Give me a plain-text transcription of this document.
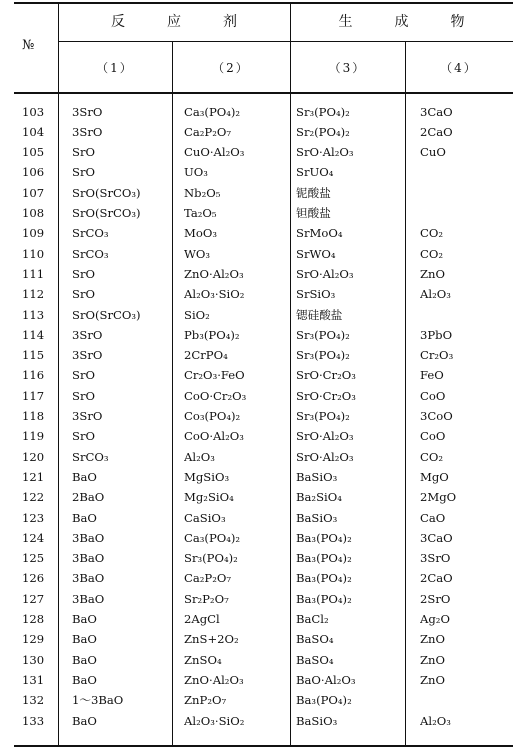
№
反　　　应　　　剂	生　　　成　　　物
（1）	（2）	（3）	（4）
103	3SrO	Ca₃(PO₄)₂	Sr₃(PO₄)₂	3CaO
104	3SrO	Ca₂P₂O₇	Sr₂(PO₄)₂	2CaO
105	SrO	CuO·Al₂O₃	SrO·Al₂O₃	CuO
106	SrO	UO₃	SrUO₄
107	SrO(SrCO₃)	Nb₂O₅	铌酸盐
108	SrO(SrCO₃)	Ta₂O₅	钽酸盐
109	SrCO₃	MoO₃	SrMoO₄	CO₂
110	SrCO₃	WO₃	SrWO₄	CO₂
111	SrO	ZnO·Al₂O₃	SrO·Al₂O₃	ZnO
112	SrO	Al₂O₃·SiO₂	SrSiO₃	Al₂O₃
113	SrO(SrCO₃)	SiO₂	锶硅酸盐
114	3SrO	Pb₃(PO₄)₂	Sr₃(PO₄)₂	3PbO
115	3SrO	2CrPO₄	Sr₃(PO₄)₂	Cr₂O₃
116	SrO	Cr₂O₃·FeO	SrO·Cr₂O₃	FeO
117	SrO	CoO·Cr₂O₃	SrO·Cr₂O₃	CoO
118	3SrO	Co₃(PO₄)₂	Sr₃(PO₄)₂	3CoO
119	SrO	CoO·Al₂O₃	SrO·Al₂O₃	CoO
120	SrCO₃	Al₂O₃	SrO·Al₂O₃	CO₂
121	BaO	MgSiO₃	BaSiO₃	MgO
122	2BaO	Mg₂SiO₄	Ba₂SiO₄	2MgO
123	BaO	CaSiO₃	BaSiO₃	CaO
124	3BaO	Ca₃(PO₄)₂	Ba₃(PO₄)₂	3CaO
125	3BaO	Sr₃(PO₄)₂	Ba₃(PO₄)₂	3SrO
126	3BaO	Ca₂P₂O₇	Ba₃(PO₄)₂	2CaO
127	3BaO	Sr₂P₂O₇	Ba₃(PO₄)₂	2SrO
128	BaO	2AgCl	BaCl₂	Ag₂O
129	BaO	ZnS+2O₂	BaSO₄	ZnO
130	BaO	ZnSO₄	BaSO₄	ZnO
131	BaO	ZnO·Al₂O₃	BaO·Al₂O₃	ZnO
132	1～3BaO	ZnP₂O₇	Ba₃(PO₄)₂
133	BaO	Al₂O₃·SiO₂	BaSiO₃	Al₂O₃
